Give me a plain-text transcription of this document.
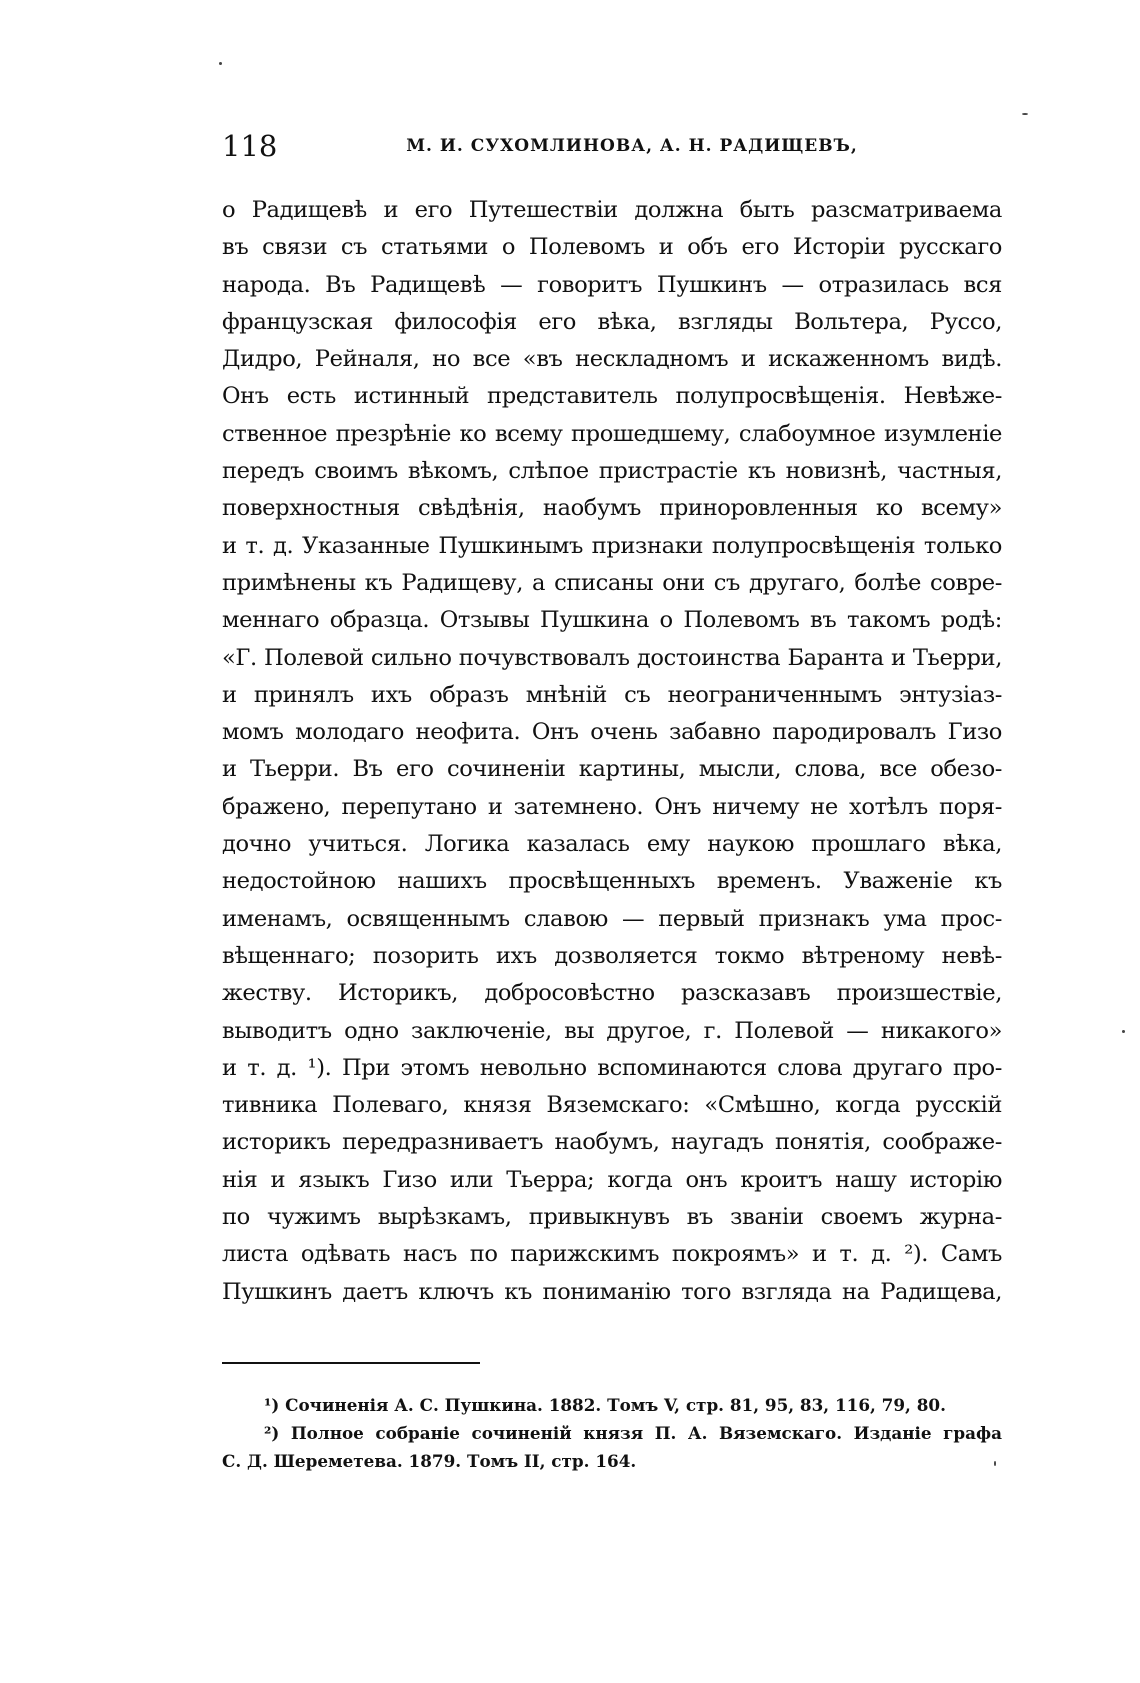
118	М. И. СУХОМЛИНОВА, А. Н. РАДИЩЕВЪ,
о Радищевѣ и его Путешествіи должна быть разсматриваема
въ связи съ статьями о Полевомъ и объ его Исторіи русскаго
народа. Въ Радищевѣ — говоритъ Пушкинъ — отразилась вся
французская философія его вѣка, взгляды Вольтера, Руссо,
Дидро, Рейналя, но все «въ нескладномъ и искаженномъ видѣ.
Онъ есть истинный представитель полупросвѣщенія. Невѣже-
ственное презрѣніе ко всему прошедшему, слабоумное изумленіе
передъ своимъ вѣкомъ, слѣпое пристрастіе къ новизнѣ, частныя,
поверхностныя свѣдѣнія, наобумъ приноровленныя ко всему»
и т. д. Указанные Пушкинымъ признаки полупросвѣщенія только
примѣнены къ Радищеву, а списаны они съ другаго, болѣе совре-
меннаго образца. Отзывы Пушкина о Полевомъ въ такомъ родѣ:
«Г. Полевой сильно почувствовалъ достоинства Баранта и Тьерри,
и принялъ ихъ образъ мнѣній съ неограниченнымъ энтузіаз-
момъ молодаго неофита. Онъ очень забавно пародировалъ Гизо
и Тьерри. Въ его сочиненіи картины, мысли, слова, все обезо-
бражено, перепутано и затемнено. Онъ ничему не хотѣлъ поря-
дочно учиться. Логика казалась ему наукою прошлаго вѣка,
недостойною нашихъ просвѣщенныхъ временъ. Уваженіе къ
именамъ, освященнымъ славою — первый признакъ ума прос-
вѣщеннаго; позорить ихъ дозволяется токмо вѣтреному невѣ-
жеству. Историкъ, добросовѣстно разсказавъ произшествіе,
выводитъ одно заключеніе, вы другое, г. Полевой — никакого»
и т. д. ¹). При этомъ невольно вспоминаются слова другаго про-
тивника Полеваго, князя Вяземскаго: «Смѣшно, когда русскій
историкъ передразниваетъ наобумъ, наугадъ понятія, соображе-
нія и языкъ Гизо или Тьерра; когда онъ кроитъ нашу исторію
по чужимъ вырѣзкамъ, привыкнувъ въ званіи своемъ журна-
листа одѣвать насъ по парижскимъ покроямъ» и т. д. ²). Самъ
Пушкинъ даетъ ключъ къ пониманію того взгляда на Радищева,
¹) Сочиненія А. С. Пушкина. 1882. Томъ V, стр. 81, 95, 83, 116, 79, 80.
²) Полное собраніе сочиненій князя П. А. Вяземскаго. Изданіе графа
С. Д. Шереметева. 1879. Томъ II, стр. 164.
